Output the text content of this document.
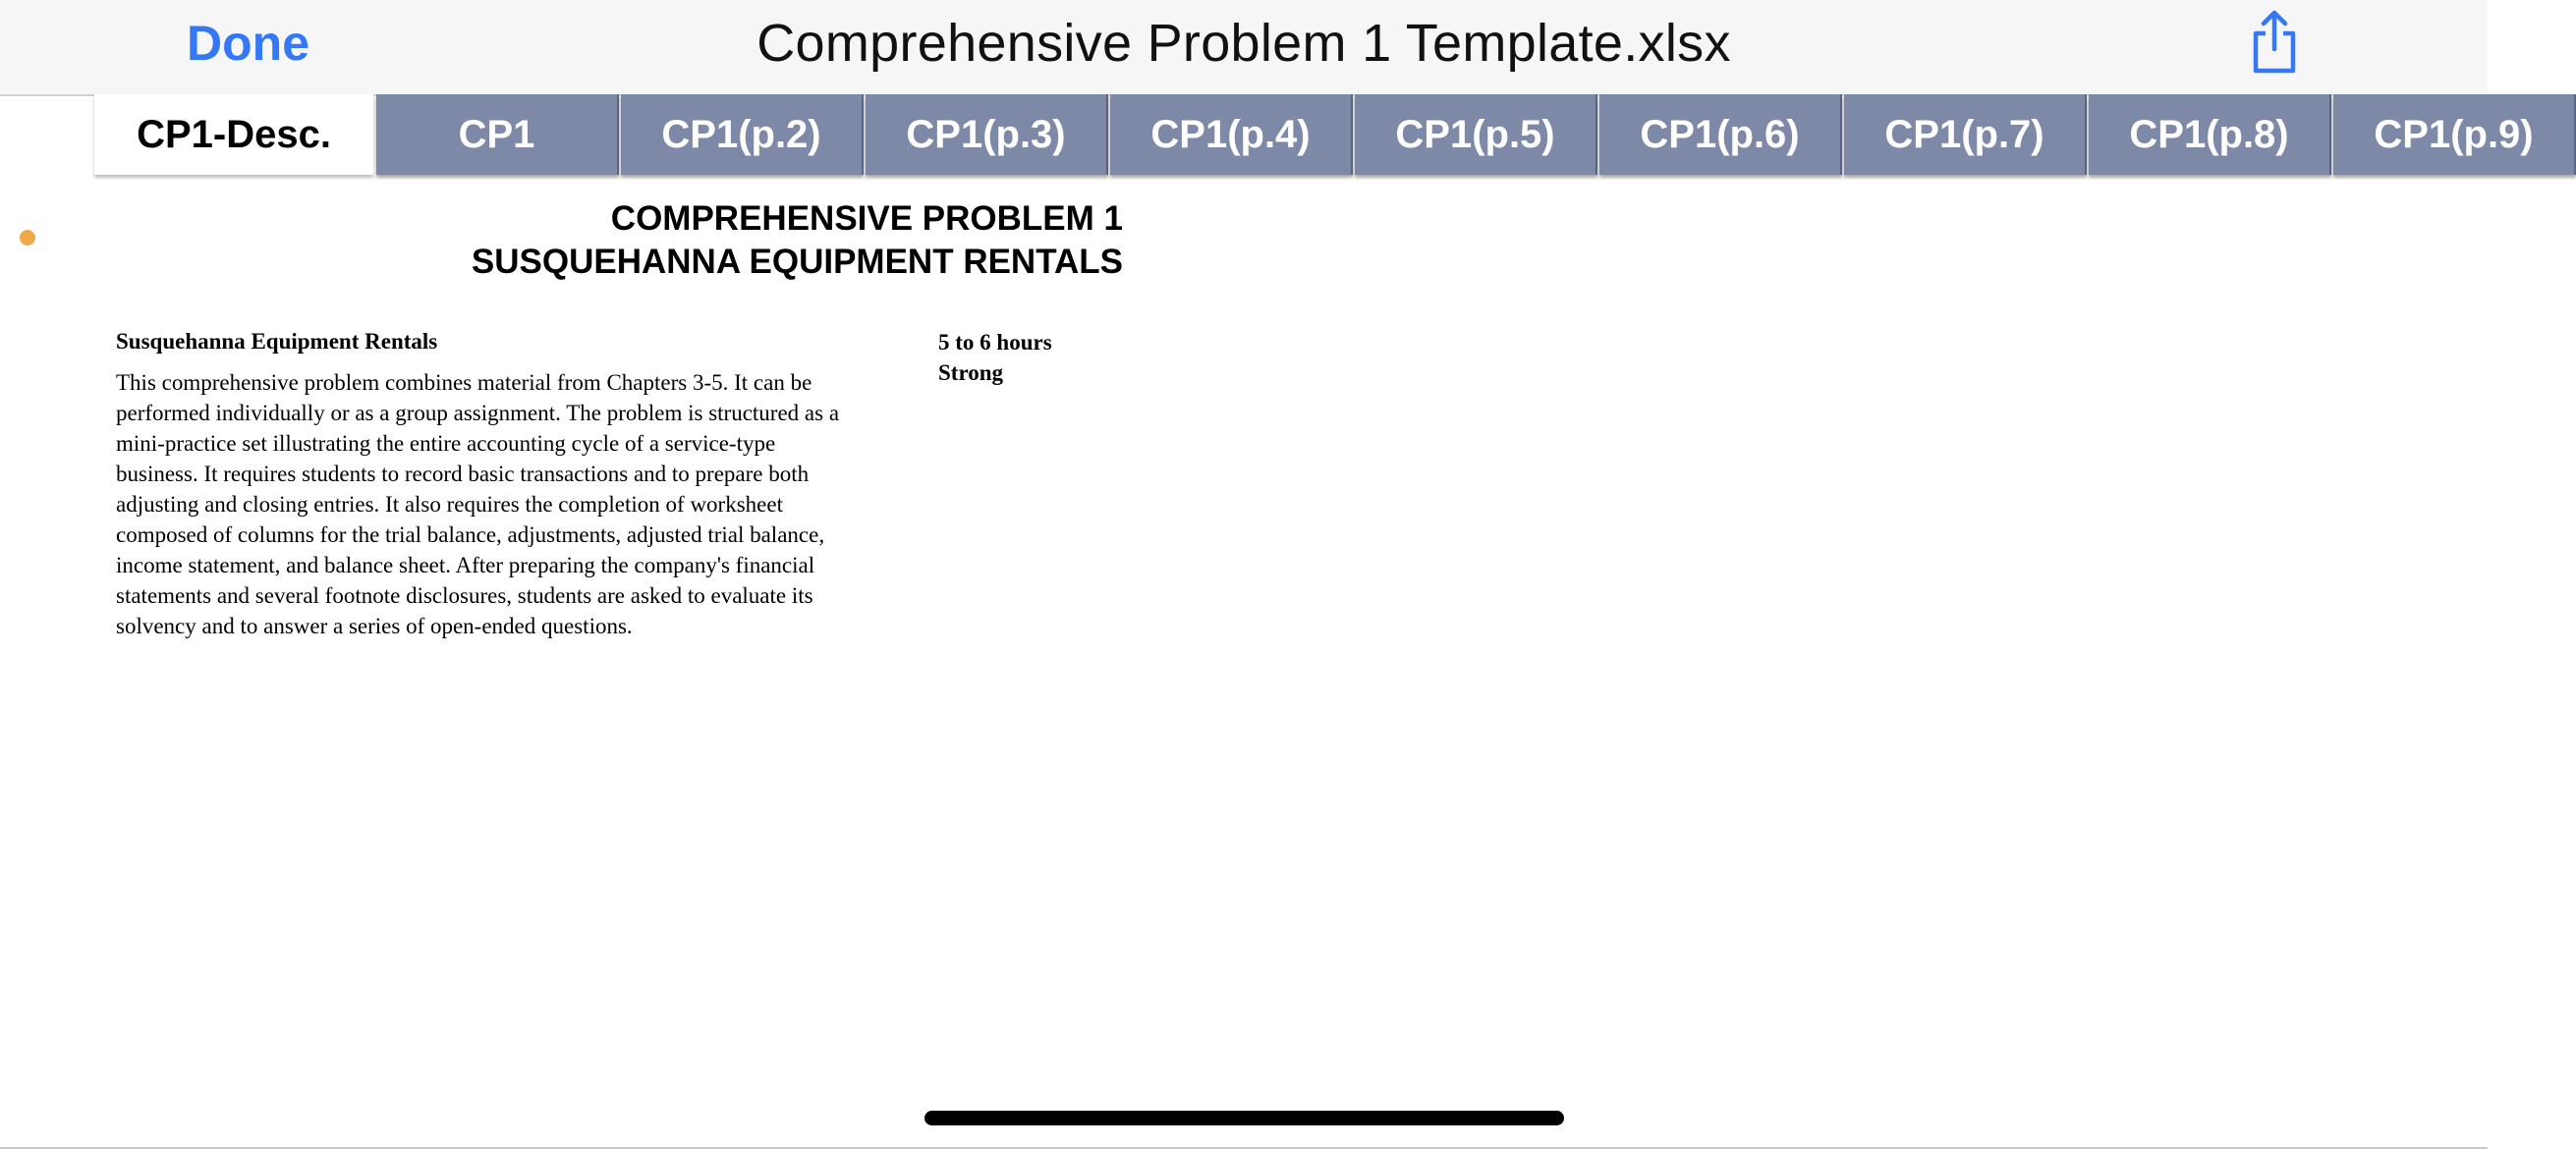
Done	Comprehensive Problem 1 Template.xlsx
CP1-Desc.	CP1	CP1(p.2)	CP1(p.3)	CP1(p.4)	CP1(p.5)	CP1(p.6)	CP1(p.7)	CP1(p.8)	CP1(p.9)
COMPREHENSIVE PROBLEM 1
SUSQUEHANNA EQUIPMENT RENTALS
Susquehanna Equipment Rentals
This comprehensive problem combines material from Chapters 3-5. It can be
performed individually or as a group assignment. The problem is structured as a
mini-practice set illustrating the entire accounting cycle of a service-type
business. It requires students to record basic transactions and to prepare both
adjusting and closing entries. It also requires the completion of worksheet
composed of columns for the trial balance, adjustments, adjusted trial balance,
income statement, and balance sheet. After preparing the company's financial
statements and several footnote disclosures, students are asked to evaluate its
solvency and to answer a series of open-ended questions.
5 to 6 hours
Strong
